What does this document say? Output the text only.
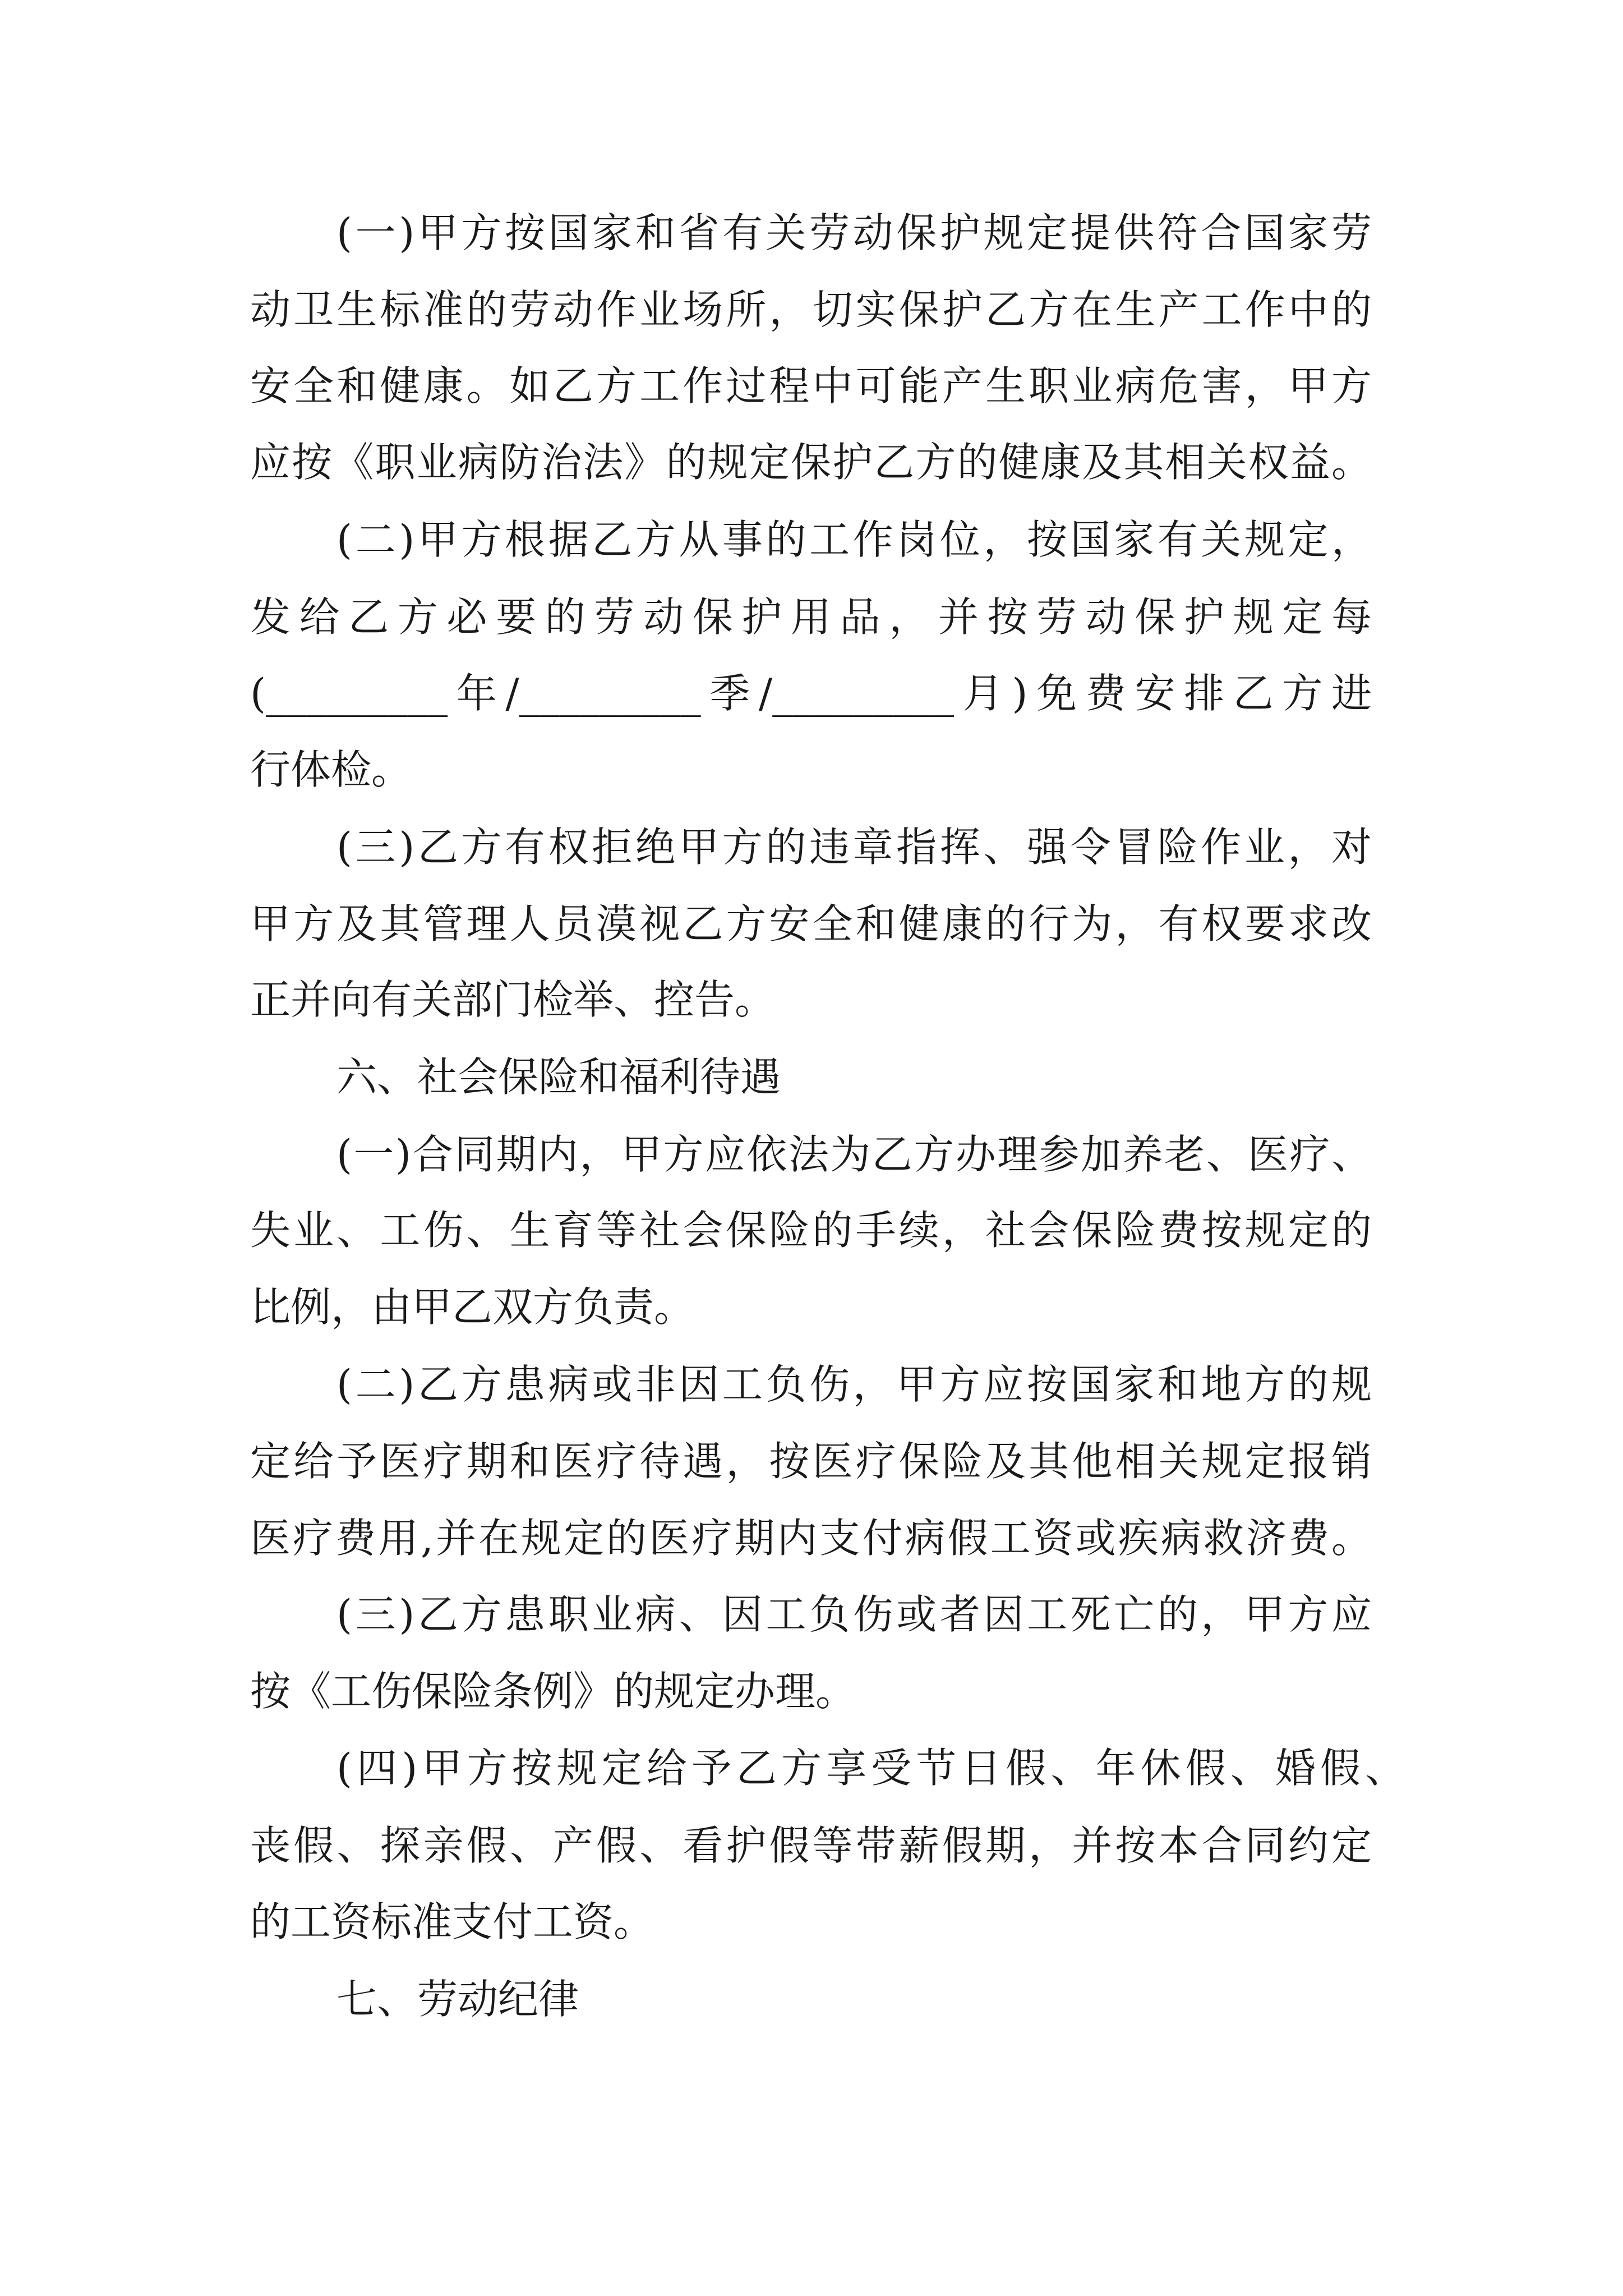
(一)甲方按国家和省有关劳动保护规定提供符合国家劳

动卫生标准的劳动作业场所，切实保护乙方在生产工作中的

安全和健康。如乙方工作过程中可能产生职业病危害，甲方

应按《职业病防治法》的规定保护乙方的健康及其相关权益。

(二)甲方根据乙方从事的工作岗位，按国家有关规定，

发给乙方必要的劳动保护用品，并按劳动保护规定每

(_________年/_________季/_________月)免费安排乙方进

行体检。

(三)乙方有权拒绝甲方的违章指挥、强令冒险作业，对

甲方及其管理人员漠视乙方安全和健康的行为，有权要求改

正并向有关部门检举、控告。

六、社会保险和福利待遇

(一)合同期内，甲方应依法为乙方办理参加养老、医疗、

失业、工伤、生育等社会保险的手续，社会保险费按规定的

比例，由甲乙双方负责。

(二)乙方患病或非因工负伤，甲方应按国家和地方的规

定给予医疗期和医疗待遇，按医疗保险及其他相关规定报销

医疗费用,并在规定的医疗期内支付病假工资或疾病救济费。

(三)乙方患职业病、因工负伤或者因工死亡的，甲方应

按《工伤保险条例》的规定办理。

(四)甲方按规定给予乙方享受节日假、年休假、婚假、

丧假、探亲假、产假、看护假等带薪假期，并按本合同约定

的工资标准支付工资。

七、劳动纪律
